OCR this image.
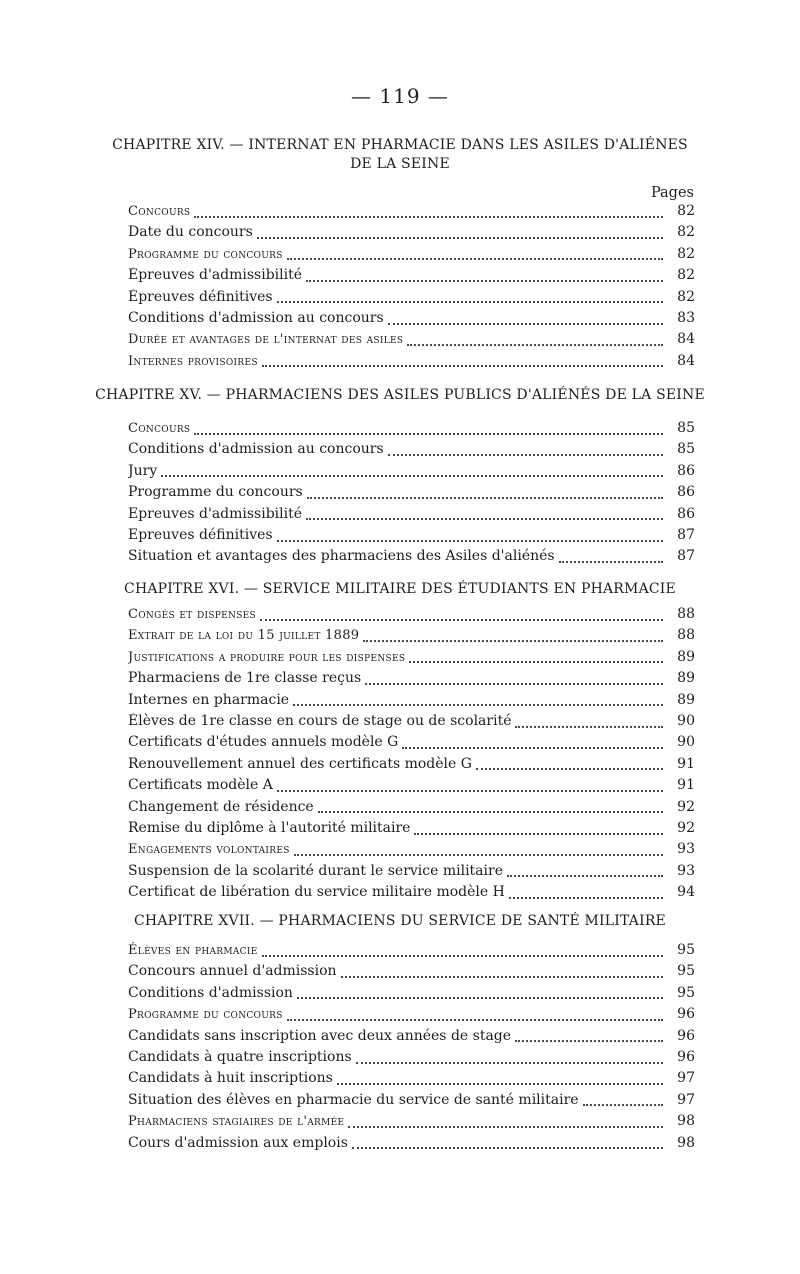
— 119 —
CHAPITRE XIV. — INTERNAT EN PHARMACIE DANS LES ASILES D'ALIÉNES
DE LA SEINE
Pages
Concours	82
Date du concours	82
Programme du concours	82
Épreuves d'admissibilité	82
Épreuves définitives	82
Conditions d'admission au concours	83
Durée et avantages de l'internat des asiles	84
Internes provisoires	84
CHAPITRE XV. — PHARMACIENS DES ASILES PUBLICS D'ALIÉNÉS DE LA SEINE
Concours	85
Conditions d'admission au concours	85
Jury	86
Programme du concours	86
Epreuves d'admissibilité	86
Epreuves définitives	87
Situation et avantages des pharmaciens des Asiles d'aliénés	87
CHAPITRE XVI. — SERVICE MILITAIRE DES ÉTUDIANTS EN PHARMACIE
Congés et dispenses	88
Extrait de la loi du 15 juillet 1889	88
Justifications a produire pour les dispenses	89
Pharmaciens de 1re classe reçus	89
Internes en pharmacie	89
Élèves de 1re classe en cours de stage ou de scolarité	90
Certificats d'études annuels modèle G	90
Renouvellement annuel des certificats modèle G	91
Certificats modèle A	91
Changement de résidence	92
Remise du diplôme à l'autorité militaire	92
Engagements volontaires	93
Suspension de la scolarité durant le service militaire	93
Certificat de libération du service militaire modèle H	94
CHAPITRE XVII. — PHARMACIENS DU SERVICE DE SANTÉ MILITAIRE
Élèves en pharmacie	95
Concours annuel d'admission	95
Conditions d'admission	95
Programme du concours	96
Candidats sans inscription avec deux années de stage	96
Candidats à quatre inscriptions	96
Candidats à huit inscriptions	97
Situation des élèves en pharmacie du service de santé militaire	97
Pharmaciens stagiaires de l'armée	98
Cours d'admission aux emplois	98
